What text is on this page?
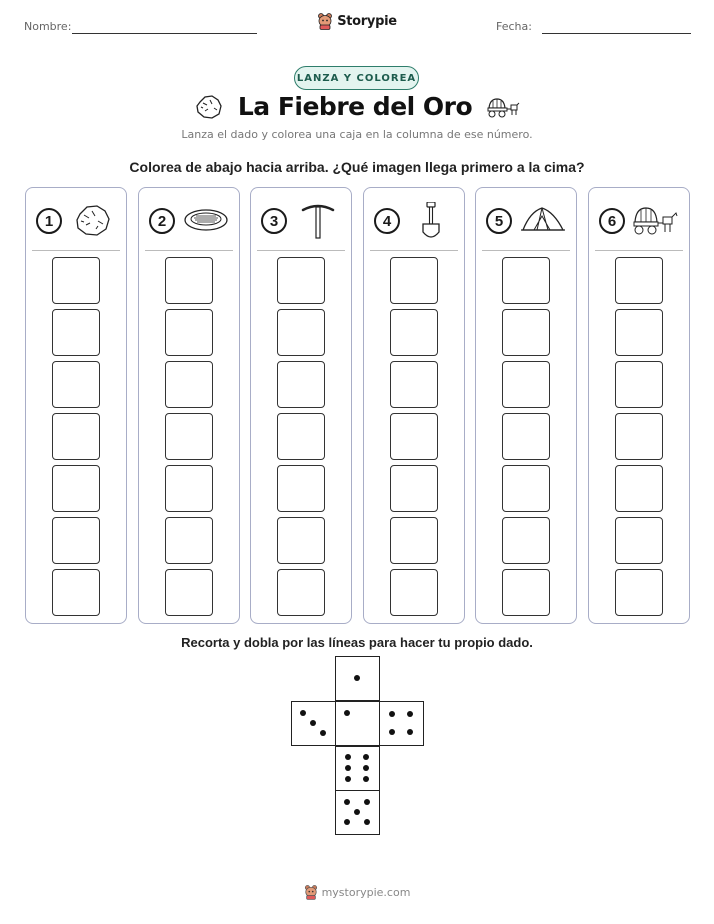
Nombre:	Storypie	Fecha:
LANZA Y COLOREA
La Fiebre del Oro
Lanza el dado y colorea una caja en la columna de ese número.
Colorea de abajo hacia arriba. ¿Qué imagen llega primero a la cima?
1	2	3	4	5	6
Recorta y dobla por las líneas para hacer tu propio dado.
mystorypie.com
